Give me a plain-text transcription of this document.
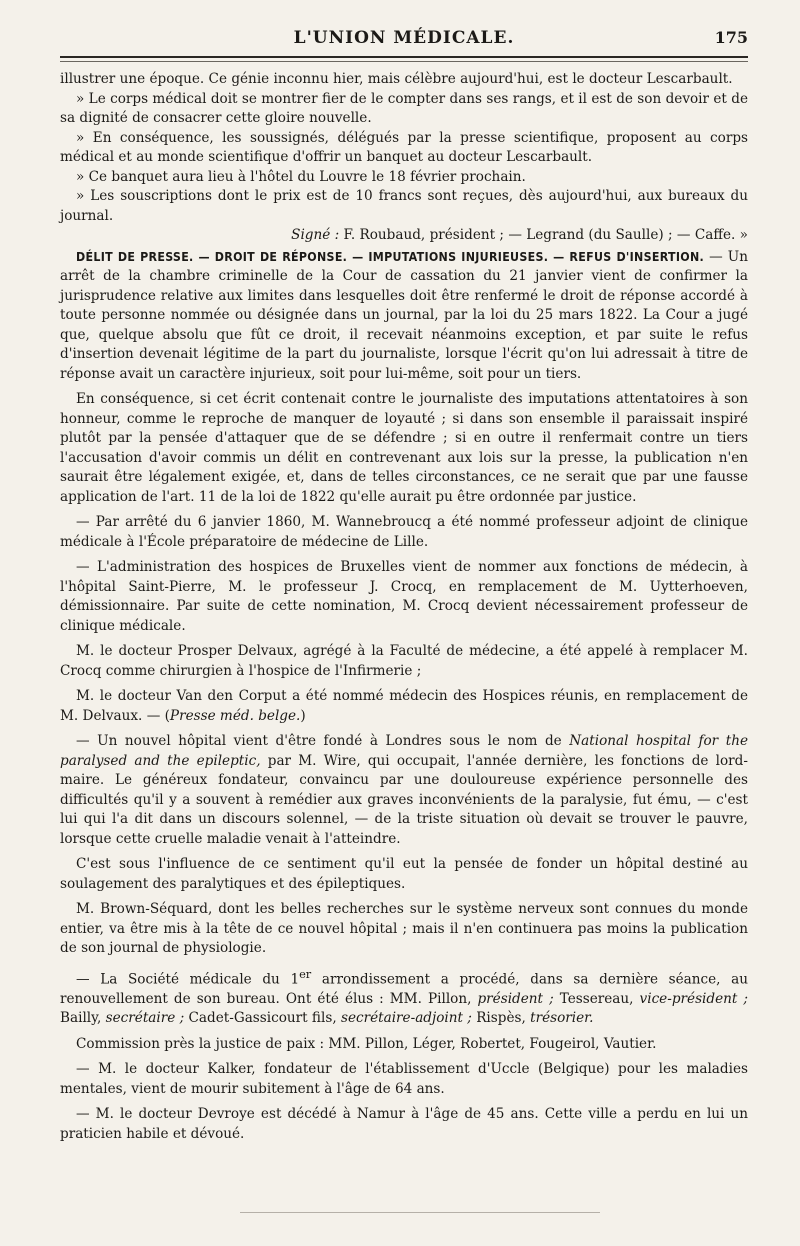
L'UNION MÉDICALE.	175

illustrer une époque. Ce génie inconnu hier, mais célèbre aujourd'hui, est le docteur Lescarbault.

» Le corps médical doit se montrer fier de le compter dans ses rangs, et il est de son devoir et de sa dignité de consacrer cette gloire nouvelle.

» En conséquence, les soussignés, délégués par la presse scientifique, proposent au corps médical et au monde scientifique d'offrir un banquet au docteur Lescarbault.

» Ce banquet aura lieu à l'hôtel du Louvre le 18 février prochain.

» Les souscriptions dont le prix est de 10 francs sont reçues, dès aujourd'hui, aux bureaux du journal.

Signé : F. Roubaud, président ; — Legrand (du Saulle) ; — Caffe. »

DÉLIT DE PRESSE. — DROIT DE RÉPONSE. — IMPUTATIONS INJURIEUSES. — REFUS D'INSERTION. — Un arrêt de la chambre criminelle de la Cour de cassation du 21 janvier vient de confirmer la jurisprudence relative aux limites dans lesquelles doit être renfermé le droit de réponse accordé à toute personne nommée ou désignée dans un journal, par la loi du 25 mars 1822. La Cour a jugé que, quelque absolu que fût ce droit, il recevait néanmoins exception, et par suite le refus d'insertion devenait légitime de la part du journaliste, lorsque l'écrit qu'on lui adressait à titre de réponse avait un caractère injurieux, soit pour lui-même, soit pour un tiers.

En conséquence, si cet écrit contenait contre le journaliste des imputations attentatoires à son honneur, comme le reproche de manquer de loyauté ; si dans son ensemble il paraissait inspiré plutôt par la pensée d'attaquer que de se défendre ; si en outre il renfermait contre un tiers l'accusation d'avoir commis un délit en contrevenant aux lois sur la presse, la publication n'en saurait être légalement exigée, et, dans de telles circonstances, ce ne serait que par une fausse application de l'art. 11 de la loi de 1822 qu'elle aurait pu être ordonnée par justice.

— Par arrêté du 6 janvier 1860, M. Wannebroucq a été nommé professeur adjoint de clinique médicale à l'École préparatoire de médecine de Lille.

— L'administration des hospices de Bruxelles vient de nommer aux fonctions de médecin, à l'hôpital Saint-Pierre, M. le professeur J. Crocq, en remplacement de M. Uytterhoeven, démissionnaire. Par suite de cette nomination, M. Crocq devient nécessairement professeur de clinique médicale.

M. le docteur Prosper Delvaux, agrégé à la Faculté de médecine, a été appelé à remplacer M. Crocq comme chirurgien à l'hospice de l'Infirmerie ;

M. le docteur Van den Corput a été nommé médecin des Hospices réunis, en remplacement de M. Delvaux. — (Presse méd. belge.)

— Un nouvel hôpital vient d'être fondé à Londres sous le nom de National hospital for the paralysed and the epileptic, par M. Wire, qui occupait, l'année dernière, les fonctions de lord-maire. Le généreux fondateur, convaincu par une douloureuse expérience personnelle des difficultés qu'il y a souvent à remédier aux graves inconvénients de la paralysie, fut ému, — c'est lui qui l'a dit dans un discours solennel, — de la triste situation où devait se trouver le pauvre, lorsque cette cruelle maladie venait à l'atteindre.

C'est sous l'influence de ce sentiment qu'il eut la pensée de fonder un hôpital destiné au soulagement des paralytiques et des épileptiques.

M. Brown-Séquard, dont les belles recherches sur le système nerveux sont connues du monde entier, va être mis à la tête de ce nouvel hôpital ; mais il n'en continuera pas moins la publication de son journal de physiologie.

— La Société médicale du 1er arrondissement a procédé, dans sa dernière séance, au renouvellement de son bureau. Ont été élus : MM. Pillon, président ; Tessereau, vice-président ; Bailly, secrétaire ; Cadet-Gassicourt fils, secrétaire-adjoint ; Rispès, trésorier.

Commission près la justice de paix : MM. Pillon, Léger, Robertet, Fougeirol, Vautier.

— M. le docteur Kalker, fondateur de l'établissement d'Uccle (Belgique) pour les maladies mentales, vient de mourir subitement à l'âge de 64 ans.

— M. le docteur Devroye est décédé à Namur à l'âge de 45 ans. Cette ville a perdu en lui un praticien habile et dévoué.
